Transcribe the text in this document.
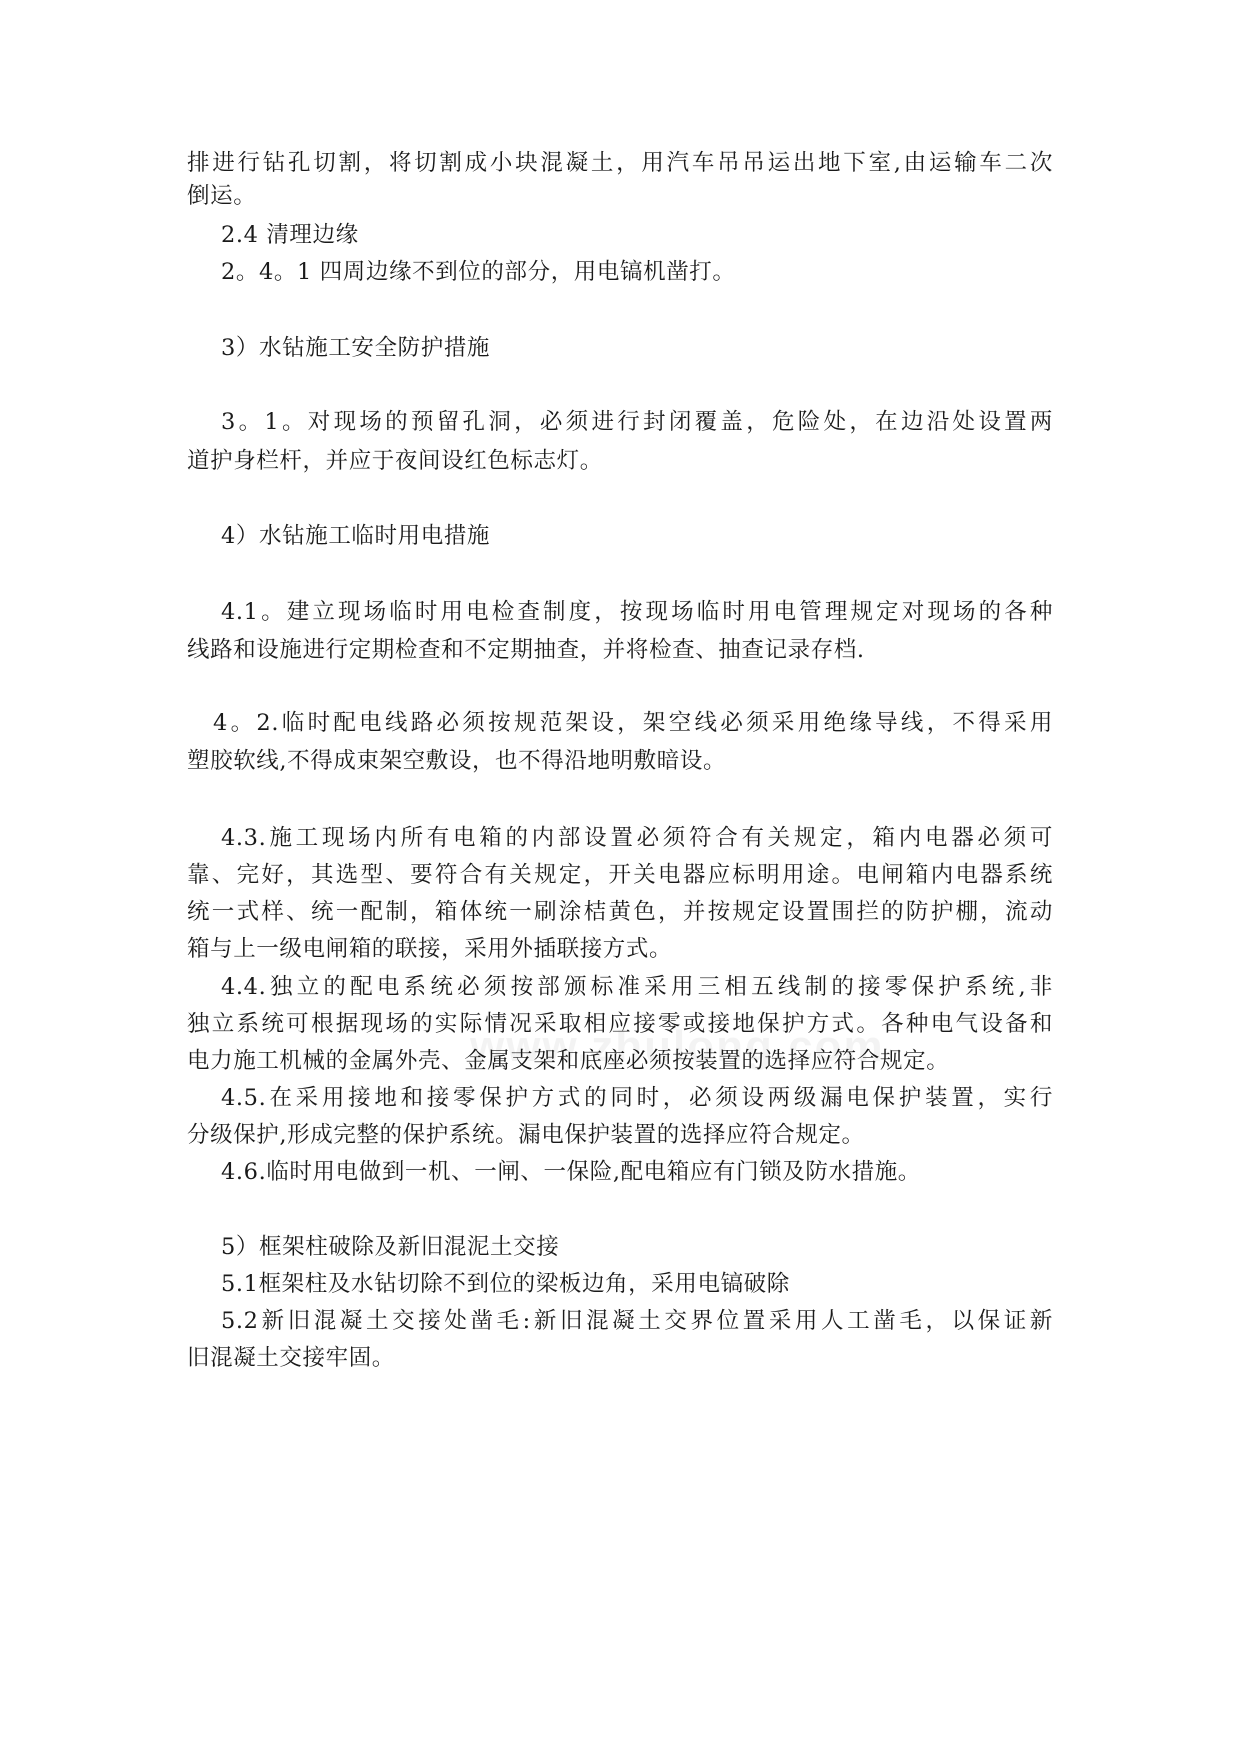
排进行钻孔切割，将切割成小块混凝土，用汽车吊吊运出地下室,由运输车二次
倒运。
2.4 清理边缘
2。4。1 四周边缘不到位的部分，用电镐机凿打。
3）水钻施工安全防护措施
3。1。对现场的预留孔洞，必须进行封闭覆盖，危险处，在边沿处设置两
道护身栏杆，并应于夜间设红色标志灯。
4）水钻施工临时用电措施
4.1。建立现场临时用电检查制度，按现场临时用电管理规定对现场的各种
线路和设施进行定期检查和不定期抽查，并将检查、抽查记录存档.
4。2.临时配电线路必须按规范架设，架空线必须采用绝缘导线，不得采用
塑胶软线,不得成束架空敷设，也不得沿地明敷暗设。
4.3.施工现场内所有电箱的内部设置必须符合有关规定，箱内电器必须可
靠、完好，其选型、要符合有关规定，开关电器应标明用途。电闸箱内电器系统
统一式样、统一配制，箱体统一刷涂桔黄色，并按规定设置围拦的防护棚，流动
箱与上一级电闸箱的联接，采用外插联接方式。
4.4.独立的配电系统必须按部颁标准采用三相五线制的接零保护系统,非
独立系统可根据现场的实际情况采取相应接零或接地保护方式。各种电气设备和
电力施工机械的金属外壳、金属支架和底座必须按装置的选择应符合规定。
4.5.在采用接地和接零保护方式的同时，必须设两级漏电保护装置，实行
分级保护,形成完整的保护系统。漏电保护装置的选择应符合规定。
4.6.临时用电做到一机、一闸、一保险,配电箱应有门锁及防水措施。
5）框架柱破除及新旧混泥土交接
5.1框架柱及水钻切除不到位的梁板边角，采用电镐破除
5.2新旧混凝土交接处凿毛:新旧混凝土交界位置采用人工凿毛，以保证新
旧混凝土交接牢固。
